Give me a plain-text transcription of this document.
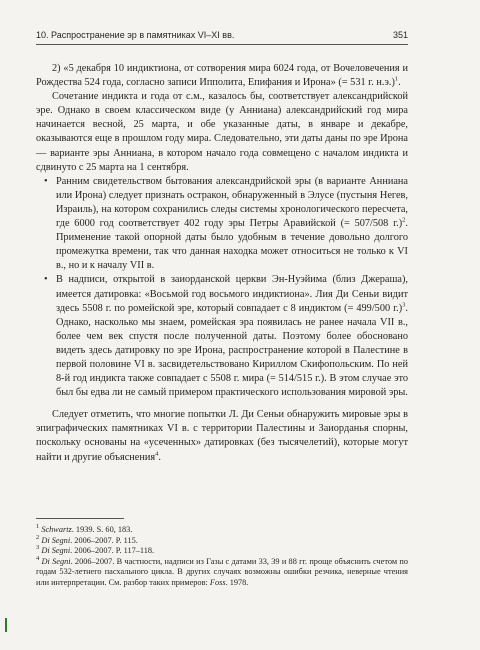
10. Распространение эр в памятниках VI–XI вв.	351

2) «5 декабря 10 индиктиона, от сотворения мира 6024 года, от Вочеловечения и Рождества 524 года, согласно записи Ипполита, Епифания и Ирона» (= 531 г. н.э.)$^1$.

Сочетание индикта и года от с.м., казалось бы, соответствует александрийской эре. Однако в своем классическом виде (у Анниана) александрийский год мира начинается весной, 25 марта, и обе указанные даты, в январе и декабре, оказываются еще в прошлом году мира. Следовательно, эти даты даны по эре Ирона — варианте эры Анниана, в котором начало года совмещено с началом индикта и сдвинуто с 25 марта на 1 сентября.

• Ранним свидетельством бытования александрийской эры (в варианте Анниана или Ирона) следует признать остракон, обнаруженный в Элусе (пустыня Негев, Израиль), на котором сохранились следы системы хронологического пересчета, где 6000 год соответствует 402 году эры Петры Аравийской (= 507/508 г.)$^2$. Применение такой опорной даты было удобным в течение довольно долгого промежутка времени, так что данная находка может относиться не только к VI в., но и к началу VII в.
• В надписи, открытой в заиорданской церкви Эн-Нуэйима (близ Джераша), имеется датировка: «Восьмой год восьмого индиктиона». Лия Ди Сеньи видит здесь 5508 г. по ромейской эре, который совпадает с 8 индиктом (= 499/500 г.)$^3$. Однако, насколько мы знаем, ромейская эра появилась не ранее начала VII в., более чем век спустя после полученной даты. Поэтому более обосновано видеть здесь датировку по эре Ирона, распространение которой в Палестине в первой половине VI в. засвидетельствовано Кириллом Скифопольским. По ней 8-й год индикта также совпадает с 5508 г. мира (= 514/515 г.). В этом случае это был бы едва ли не самый примером практического использования мировой эры.

Следует отметить, что многие попытки Л. Ди Сеньи обнаружить мировые эры в эпиграфических памятниках VI в. с территории Палестины и Заиорданья спорны, поскольку основаны на «усеченных» датировках (без тысячелетий), которые могут найти и другие объяснения$^4$.

$^1$ Schwartz. 1939. S. 60, 183.

$^2$ Di Segni. 2006–2007. P. 115.

$^3$ Di Segni. 2006–2007. P. 117–118.

$^4$ Di Segni. 2006–2007. В частности, надписи из Газы с датами 33, 39 и 88 гг. проще объяснить счетом по годам 532-летнего пасхального цикла. В других случаях возможны ошибки резчика, неверные чтения или интерпретации. См. разбор таких примеров: Foss. 1978.
